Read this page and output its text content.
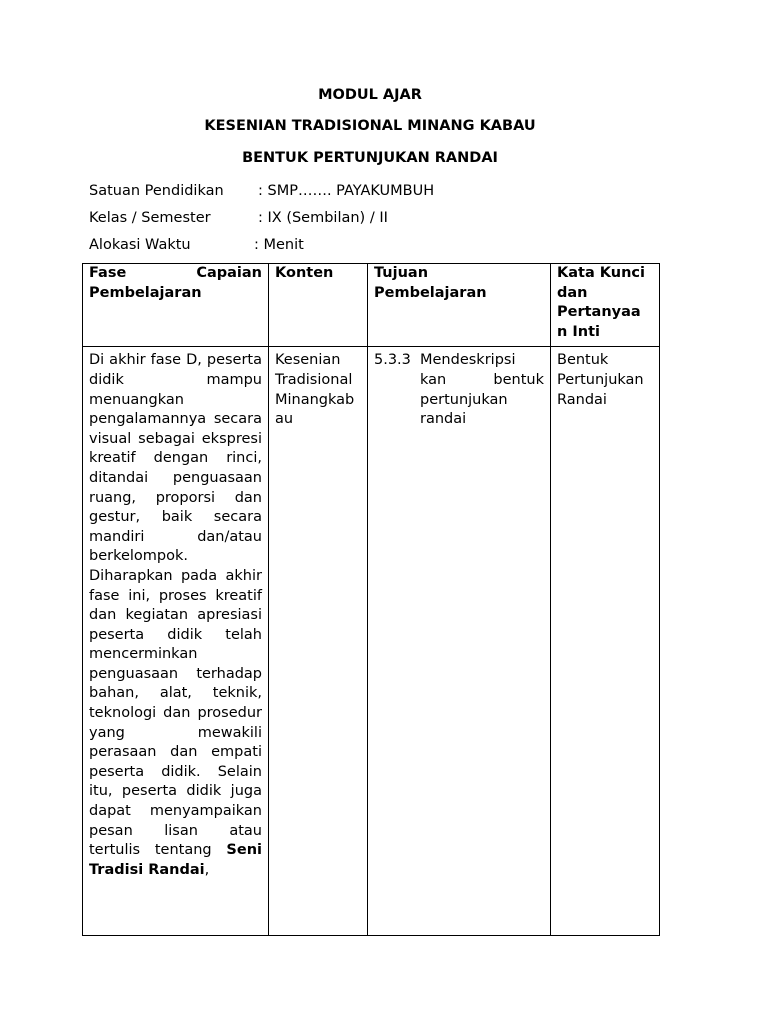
MODUL AJAR
KESENIAN TRADISIONAL MINANG KABAU
BENTUK PERTUNJUKAN RANDAI
Satuan Pendidikan : SMP……. PAYAKUMBUH
Kelas / Semester	: IX (Sembilan) / II
Alokasi Waktu	: Menit
Fase Capaian
Pembelajaran	Konten	Tujuan Pembelajaran	Kata Kunci dan Pertanyaa n Inti
Di akhir fase D, peserta didik mampu menuangkan pengalamannya secara visual sebagai ekspresi kreatif dengan rinci, ditandai penguasaan ruang, proporsi dan gestur, baik secara mandiri dan/atau berkelompok. Diharapkan pada akhir fase ini, proses kreatif dan kegiatan apresiasi peserta didik telah mencerminkan penguasaan terhadap bahan, alat, teknik, teknologi dan prosedur yang mewakili perasaan dan empati peserta didik. Selain itu, peserta didik juga dapat menyampaikan pesan lisan atau tertulis tentang Seni Tradisi Randai,	Kesenian Tradisional Minangkab au	5.3.3 Mendeskripsi kan bentuk pertunjukan randai	Bentuk Pertunjukan Randai
